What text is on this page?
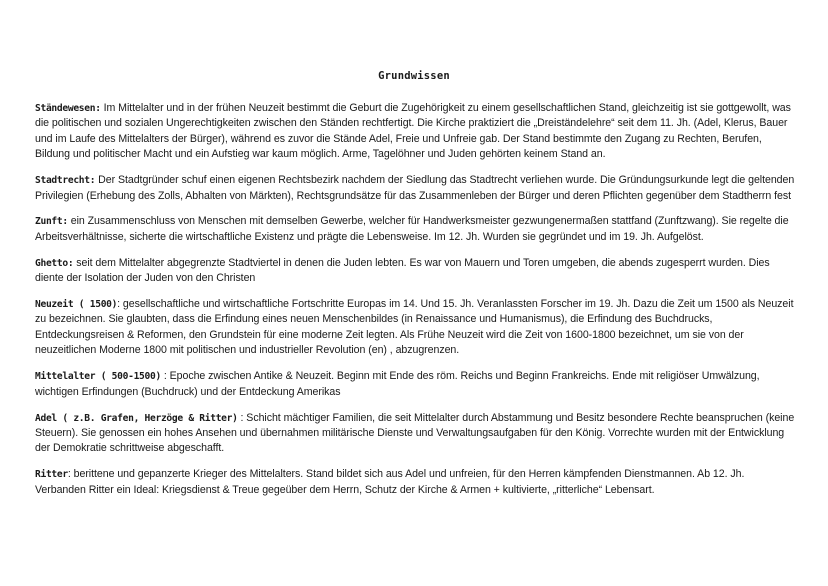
Grundwissen

Ständewesen: Im Mittelalter und in der frühen Neuzeit bestimmt die Geburt die Zugehörigkeit zu einem gesellschaftlichen Stand, gleichzeitig ist sie gottgewollt, was die politischen und sozialen Ungerechtigkeiten zwischen den Ständen rechtfertigt. Die Kirche praktiziert die „Dreiständelehre“ seit dem 11. Jh. (Adel, Klerus, Bauer und im Laufe des Mittelalters der Bürger), während es zuvor die Stände Adel, Freie und Unfreie gab. Der Stand bestimmte den Zugang zu Rechten, Berufen, Bildung und politischer Macht und ein Aufstieg war kaum möglich. Arme, Tagelöhner und Juden gehörten keinem Stand an.

Stadtrecht: Der Stadtgründer schuf einen eigenen Rechtsbezirk nachdem der Siedlung das Stadtrecht verliehen wurde. Die Gründungsurkunde legt die geltenden Privilegien (Erhebung des Zolls, Abhalten von Märkten), Rechtsgrundsätze für das Zusammenleben der Bürger und deren Pflichten gegenüber dem Stadtherrn fest

Zunft: ein Zusammenschluss von Menschen mit demselben Gewerbe, welcher für Handwerksmeister gezwungenermaßen stattfand (Zunftzwang). Sie regelte die Arbeitsverhältnisse, sicherte die wirtschaftliche Existenz und prägte die Lebensweise. Im 12. Jh. Wurden sie gegründet und im 19. Jh. Aufgelöst.

Ghetto: seit dem Mittelalter abgegrenzte Stadtviertel in denen die Juden lebten. Es war von Mauern und Toren umgeben, die abends zugesperrt wurden. Dies diente der Isolation der Juden von den Christen

Neuzeit ( 1500): gesellschaftliche und wirtschaftliche Fortschritte Europas im 14. Und 15. Jh. Veranlassten Forscher im 19. Jh. Dazu die Zeit um 1500 als Neuzeit zu bezeichnen. Sie glaubten, dass die Erfindung eines neuen Menschenbildes (in Renaissance und Humanismus), die Erfindung des Buchdrucks, Entdeckungsreisen & Reformen, den Grundstein für eine moderne Zeit legten. Als Frühe Neuzeit wird die Zeit von 1600-1800 bezeichnet, um sie von der neuzeitlichen Moderne 1800 mit politischen und industrieller Revolution (en) , abzugrenzen.

Mittelalter ( 500-1500) : Epoche zwischen Antike & Neuzeit. Beginn mit Ende des röm. Reichs und Beginn Frankreichs. Ende mit religiöser Umwälzung, wichtigen Erfindungen (Buchdruck) und der Entdeckung Amerikas

Adel ( z.B. Grafen, Herzöge & Ritter) : Schicht mächtiger Familien, die seit Mittelalter durch Abstammung und Besitz besondere Rechte beanspruchen (keine Steuern). Sie genossen ein hohes Ansehen und übernahmen militärische Dienste und Verwaltungsaufgaben für den König. Vorrechte wurden mit der Entwicklung der Demokratie schrittweise abgeschafft.

Ritter: berittene und gepanzerte Krieger des Mittelalters. Stand bildet sich aus Adel und unfreien, für den Herren kämpfenden Dienstmannen. Ab 12. Jh. Verbanden Ritter ein Ideal: Kriegsdienst & Treue gegeüber dem Herrn, Schutz der Kirche & Armen + kultivierte, „ritterliche“ Lebensart.
